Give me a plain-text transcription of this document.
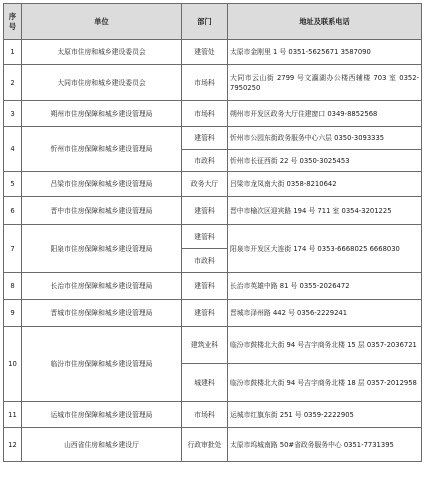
序号	单位	部门	地址及联系电话
1	太原市住房和城乡建设委员会	建管处	太原市金刚里 1 号 0351-5625671 3587090
2	大同市住房和城乡建设委员会	市场科	大同市云山街 2799 号文瀛湖办公楼西辅楼 703 室 0352-7950250
3	朔州市住房保障和城乡建设管理局	市场科	朔州市开发区政务大厅住建窗口 0349-8852568
4	忻州市住房保障和城乡建设管理局	建管科	忻州市公园东街政务服务中心六层 0350-3093335
		市政科	忻州市长征西街 22 号 0350-3025453
5	吕梁市住房保障和城乡建设管理局	政务大厅	吕梁市龙凤南大街 0358-8210642
6	晋中市住房保障和城乡建设管理局	建管科	晋中市榆次区迎宾路 194 号 711 室 0354-3201225
7	阳泉市住房保障和城乡建设管理局	建管科	阳泉市开发区大连街 174 号 0353-6668025 6668030
		市政科	
8	长治市住房保障和城乡建设管理局	建管科	长治市英雄中路 81 号 0355-2026472
9	晋城市住房保障和城乡建设管理局	建管科	晋城市泽州路 442 号 0356-2229241
10	临汾市住房保障和城乡建设管理局	建筑业科	临汾市鼓楼北大街 94 号吉宇商务北楼 15 层 0357-2036721
		城建科	临汾市鼓楼北大街 94 号吉宇商务北楼 18 层 0357-2012958
11	运城市住房保障和城乡建设管理局	市场科	运城市红旗东街 251 号 0359-2222905
12	山西省住房和城乡建设厅	行政审批处	太原市坞城南路 50#省政务服务中心 0351-7731395
